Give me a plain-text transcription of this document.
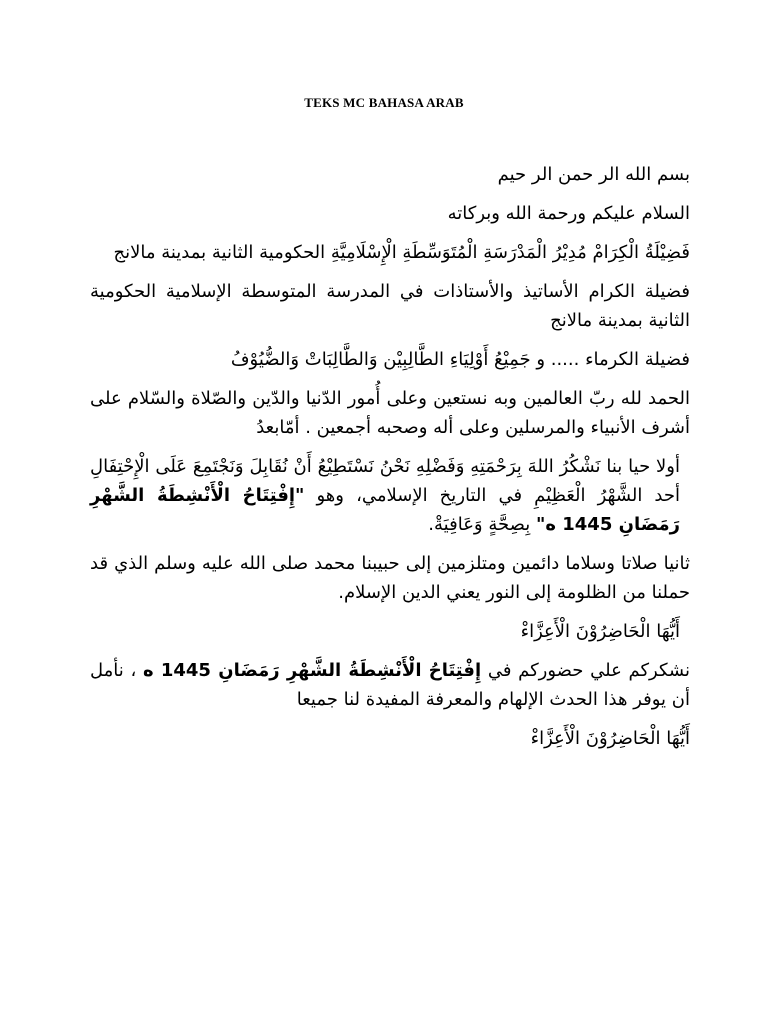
TEKS MC BAHASA ARAB

بسم الله الر حمن الر حيم

السلام عليكم ورحمة الله وبركاته

فَضِيْلَةُ الْكِرَامْ مُدِيْرُ الْمَدْرَسَةِ الْمُتَوَسِّطَةِ الْإِسْلَامِيَّةِ الحكومية الثانية بمدينة مالانج

فضيلة الكرام الأساتيذ والأستاذات في المدرسة المتوسطة الإسلامية الحكومية الثانية بمدينة مالانج

فضيلة الكرماء ..... و جَمِيْعُ أَوْلِيَاءِ الطَّالِبِيْن وَالطَّالِبَاتْ وَالضُّيُوْفُ

الحمد لله ربّ العالمين وبه نستعين وعلى أُمور الدّنيا والدّين والصّلاة والسّلام على أشرف الأنبياء والمرسلين وعلى أله وصحبه أجمعين . أمّابعدُ

أولا حيا بنا نَشْكُرُ اللهَ بِرَحْمَتِهِ وَفَضْلِهِ نَحْنُ نَسْتَطِيْعُ أَنْ نُقَابِلَ وَنَجْتَمِعَ عَلَى الْإِحْتِفَالِ أحد الشَّهْرُ الْعَظِيْمِ في التاريخ الإسلامي، وهو "إِفْتِتَاحُ الْأَنْشِطَةُ الشَّهْرِ رَمَضَانِ 1445 ه" بِصِحَّةٍ وَعَافِيَةْ.

ثانيا صلاتا وسلاما دائمين ومتلزمين إلى حبيبنا محمد صلى الله عليه وسلم الذي قد حملنا من الظلومة إلى النور يعني الدين الإسلام.

أَيُّهَا الْحَاضِرُوْنَ الْأَعِزَّاءْ

نشكركم علي حضوركم في إِفْتِتَاحُ الْأَنْشِطَةُ الشَّهْرِ رَمَضَانِ 1445 ه ، نأمل أن يوفر هذا الحدث الإلهام والمعرفة المفيدة لنا جميعا

أَيُّهَا الْحَاضِرُوْنَ الْأَعِزَّاءْ
